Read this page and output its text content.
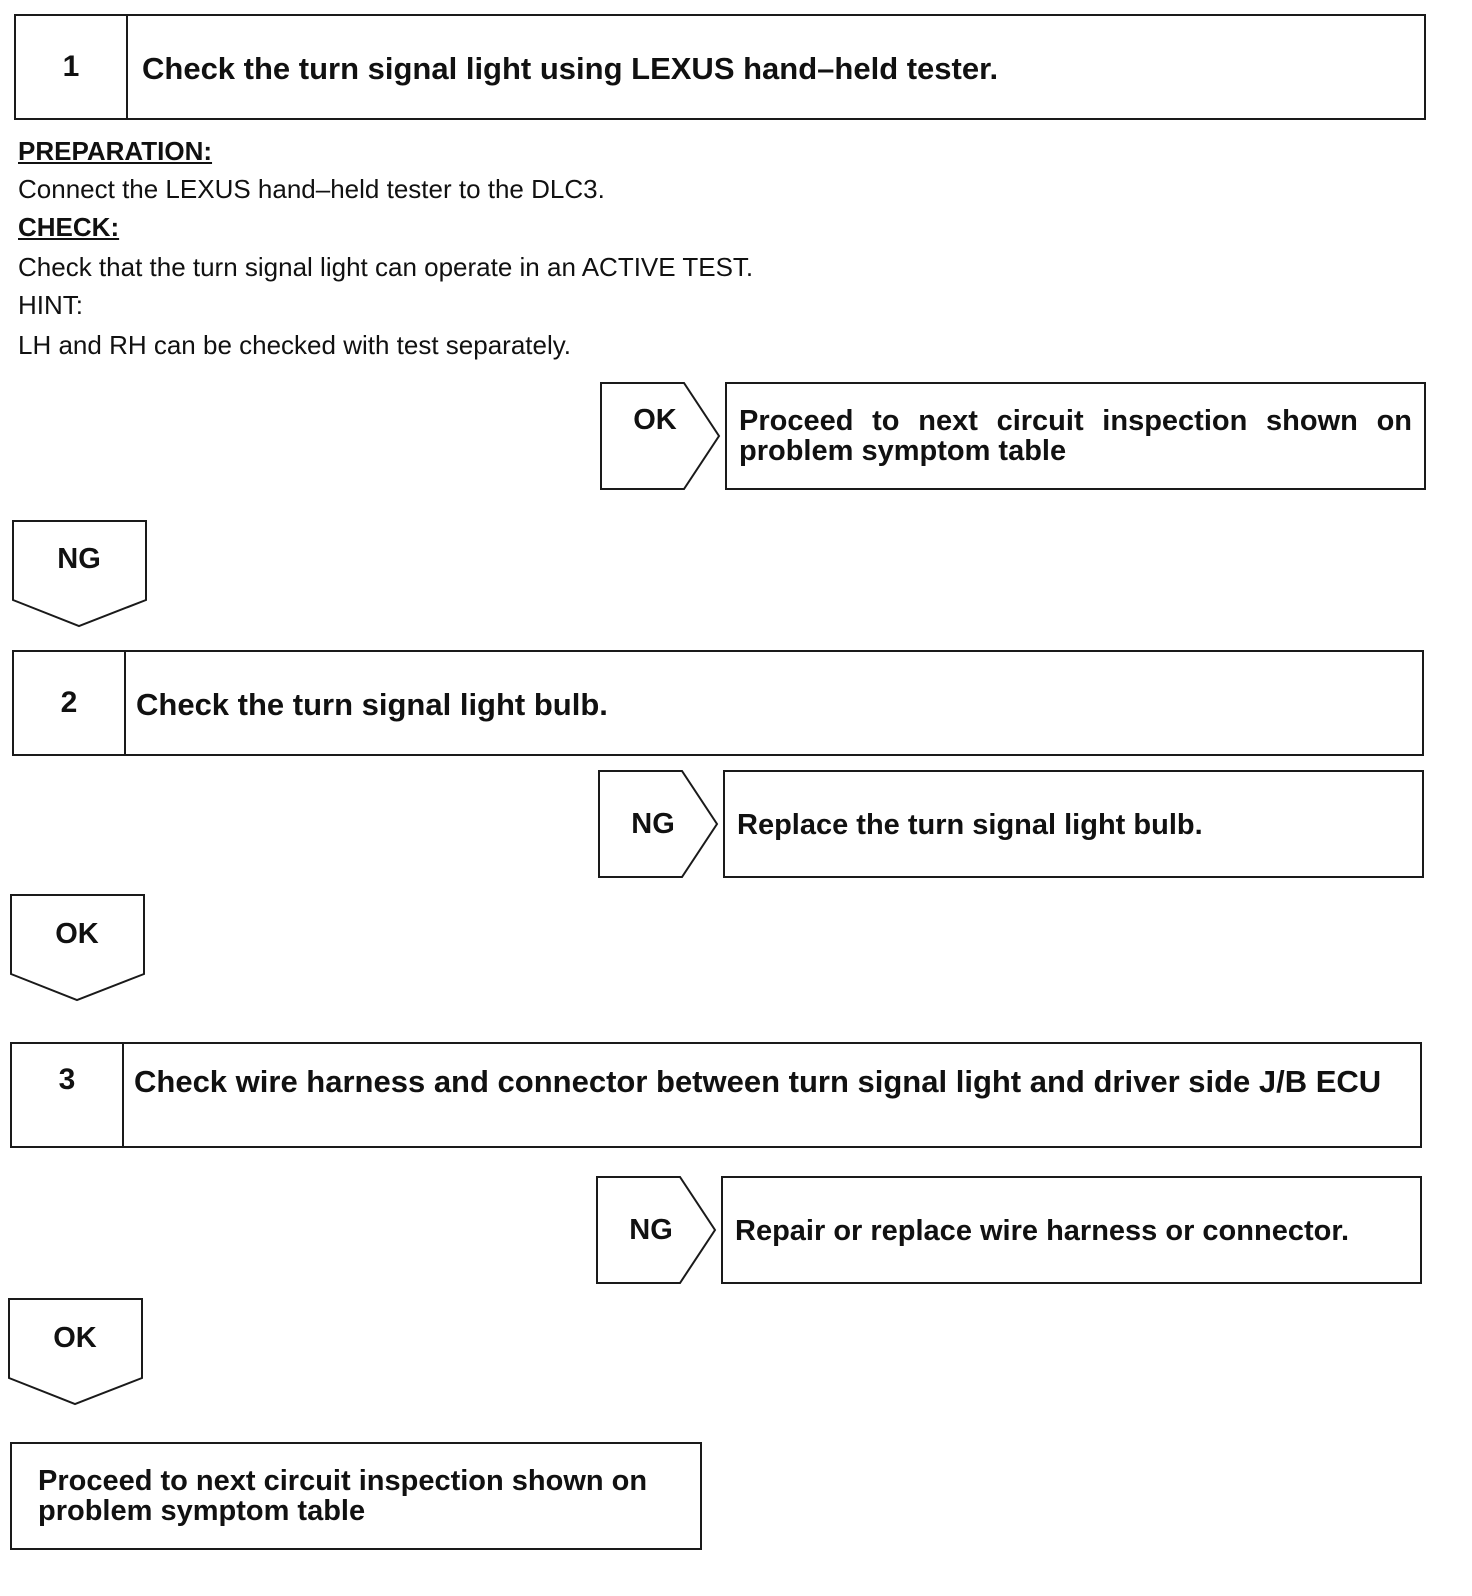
1	Check the turn signal light using LEXUS hand–held tester.
PREPARATION:
Connect the LEXUS hand–held tester to the DLC3.
CHECK:
Check that the turn signal light can operate in an ACTIVE TEST.
HINT:
LH and RH can be checked with test separately.
OK	Proceed to next circuit inspection shown on problem symptom table
NG
2	Check the turn signal light bulb.
NG	Replace the turn signal light bulb.
OK
3	Check wire harness and connector between turn signal light and driver side J/B ECU
NG	Repair or replace wire harness or connector.
OK
Proceed to next circuit inspection shown on problem symptom table
